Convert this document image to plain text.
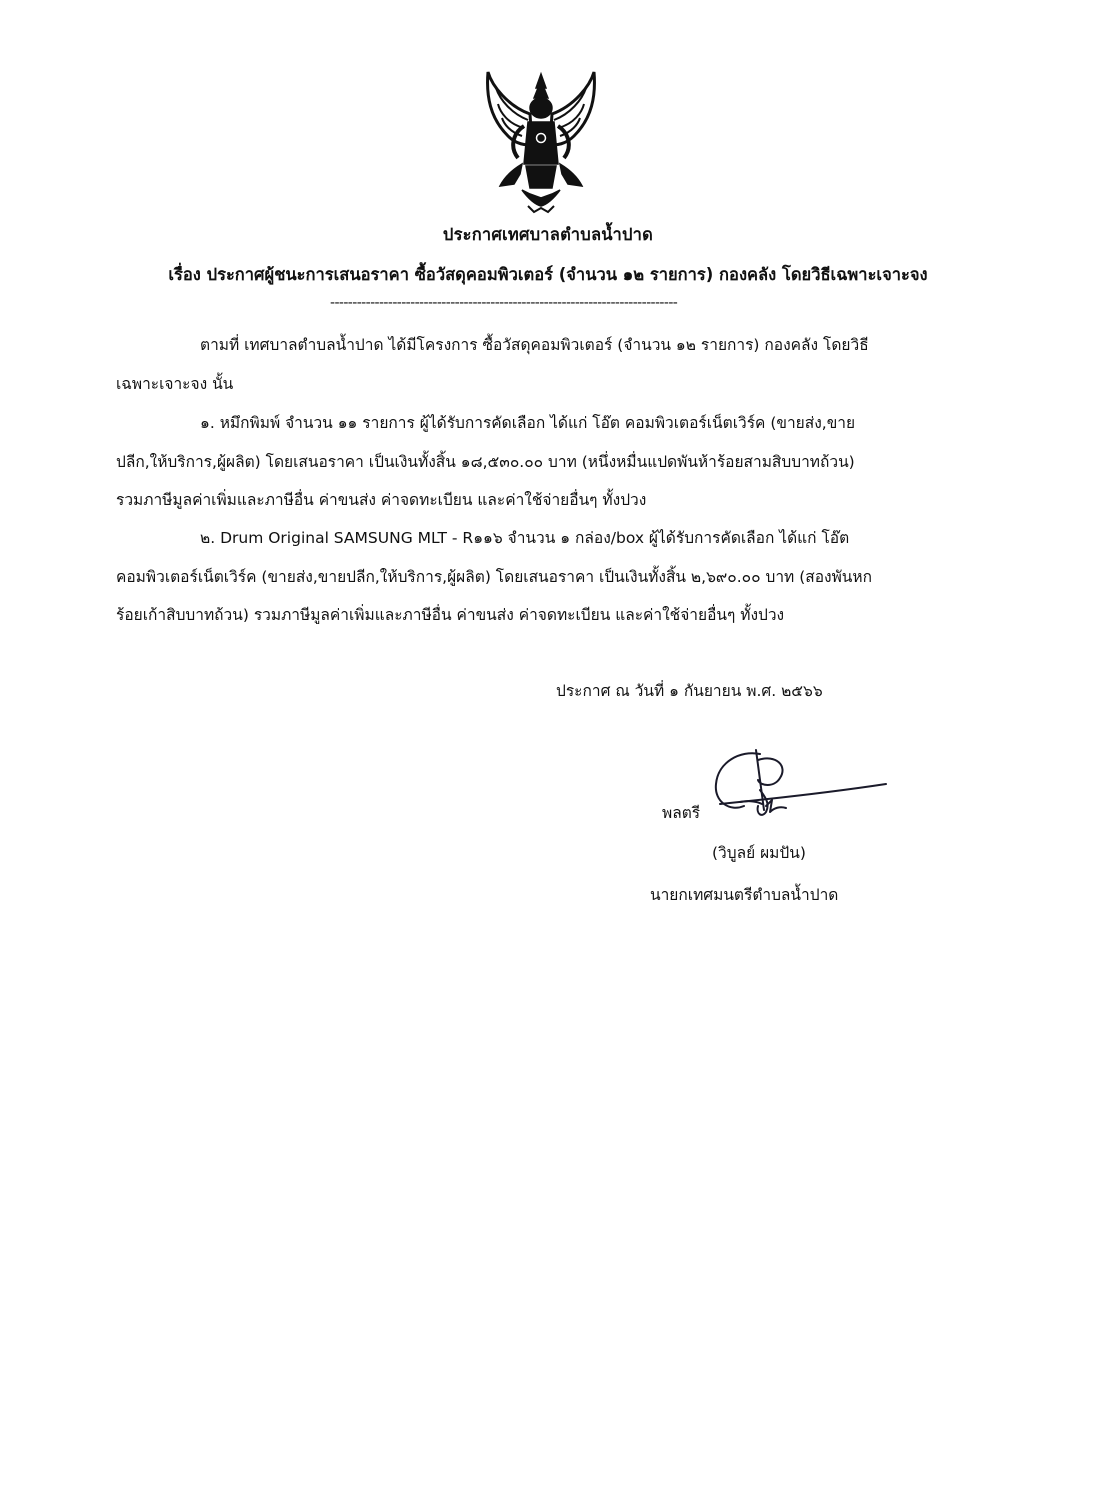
ประกาศเทศบาลตำบลน้ำปาด
เรื่อง ประกาศผู้ชนะการเสนอราคา ซื้อวัสดุคอมพิวเตอร์ (จำนวน ๑๒ รายการ) กองคลัง โดยวิธีเฉพาะเจาะจง
------------------------------------------------------------------------------
ตามที่ เทศบาลตำบลน้ำปาด ได้มีโครงการ ซื้อวัสดุคอมพิวเตอร์ (จำนวน ๑๒ รายการ) กองคลัง โดยวิธี
เฉพาะเจาะจง นั้น
๑. หมึกพิมพ์ จำนวน ๑๑ รายการ ผู้ได้รับการคัดเลือก ได้แก่ โอ๊ต คอมพิวเตอร์เน็ตเวิร์ค (ขายส่ง,ขาย
ปลีก,ให้บริการ,ผู้ผลิต) โดยเสนอราคา เป็นเงินทั้งสิ้น ๑๘,๕๓๐.๐๐ บาท (หนึ่งหมื่นแปดพันห้าร้อยสามสิบบาทถ้วน)
รวมภาษีมูลค่าเพิ่มและภาษีอื่น ค่าขนส่ง ค่าจดทะเบียน และค่าใช้จ่ายอื่นๆ ทั้งปวง
๒. Drum Original SAMSUNG MLT - R๑๑๖ จำนวน ๑ กล่อง/box ผู้ได้รับการคัดเลือก ได้แก่ โอ๊ต
คอมพิวเตอร์เน็ตเวิร์ค (ขายส่ง,ขายปลีก,ให้บริการ,ผู้ผลิต) โดยเสนอราคา เป็นเงินทั้งสิ้น ๒,๖๙๐.๐๐ บาท (สองพันหก
ร้อยเก้าสิบบาทถ้วน) รวมภาษีมูลค่าเพิ่มและภาษีอื่น ค่าขนส่ง ค่าจดทะเบียน และค่าใช้จ่ายอื่นๆ ทั้งปวง
ประกาศ ณ วันที่ ๑ กันยายน พ.ศ. ๒๕๖๖
พลตรี
(วิบูลย์ ผมปัน)
นายกเทศมนตรีตำบลน้ำปาด
